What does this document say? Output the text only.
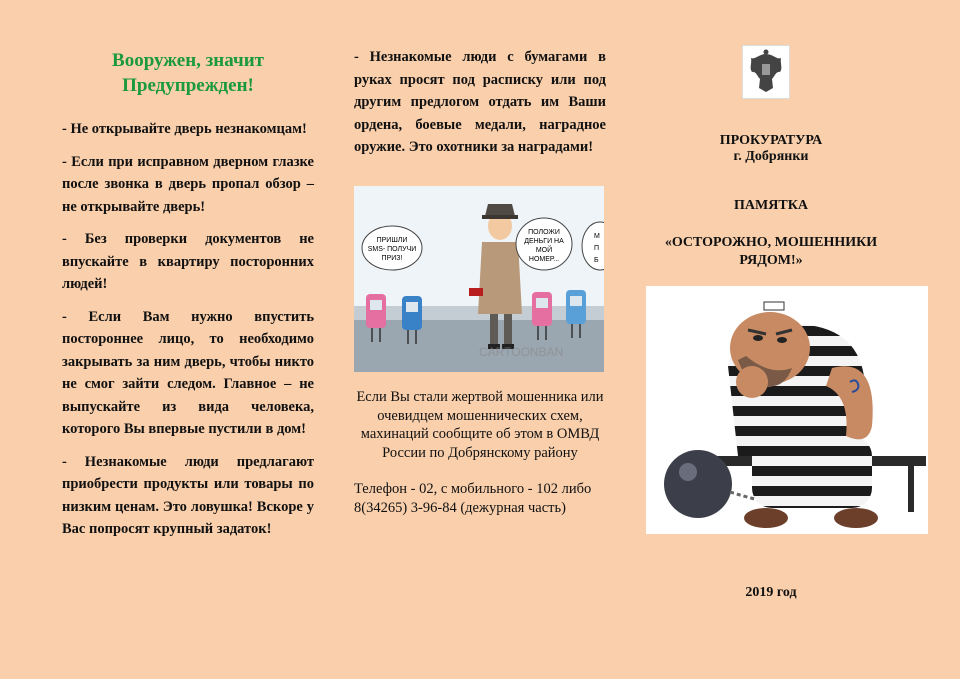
Вооружен, значит
Предупрежден!

- Не открывайте дверь незнакомцам!

- Если при исправном дверном глазке после звонка в дверь пропал обзор – не открывайте дверь!

- Без проверки документов не впускайте в квартиру посторонних людей!

- Если Вам нужно впустить постороннее лицо, то необходимо закрывать за ним дверь, чтобы никто не смог зайти следом. Главное – не выпускайте из вида человека, которого Вы впервые пустили в дом!

- Незнакомые люди предлагают приобрести продукты или товары по низким ценам. Это ловушка! Вскоре у Вас попросят крупный задаток!

- Незнакомые люди с бумагами в руках просят под расписку или под другим предлогом отдать им Ваши ордена, боевые медали, наградное оружие. Это охотники за наградами!
ПРИШЛИ
SMS- ПОЛУЧИ
ПРИЗ!
ПОЛОЖИ
ДЕНЬГИ НА
МОЙ
НОМЕР...
М
П
Б
CARTOONBAN
Если Вы стали жертвой мошенника или очевидцем мошеннических схем, махинаций сообщите об этом в ОМВД России по Добрянскому району
Телефон - 02, с мобильного - 102 либо 8(34265) 3-96-84 (дежурная часть)
ПРОКУРАТУРА
г. Добрянки
ПАМЯТКА
«ОСТОРОЖНО, МОШЕННИКИ
РЯДОМ!»
2019 год
